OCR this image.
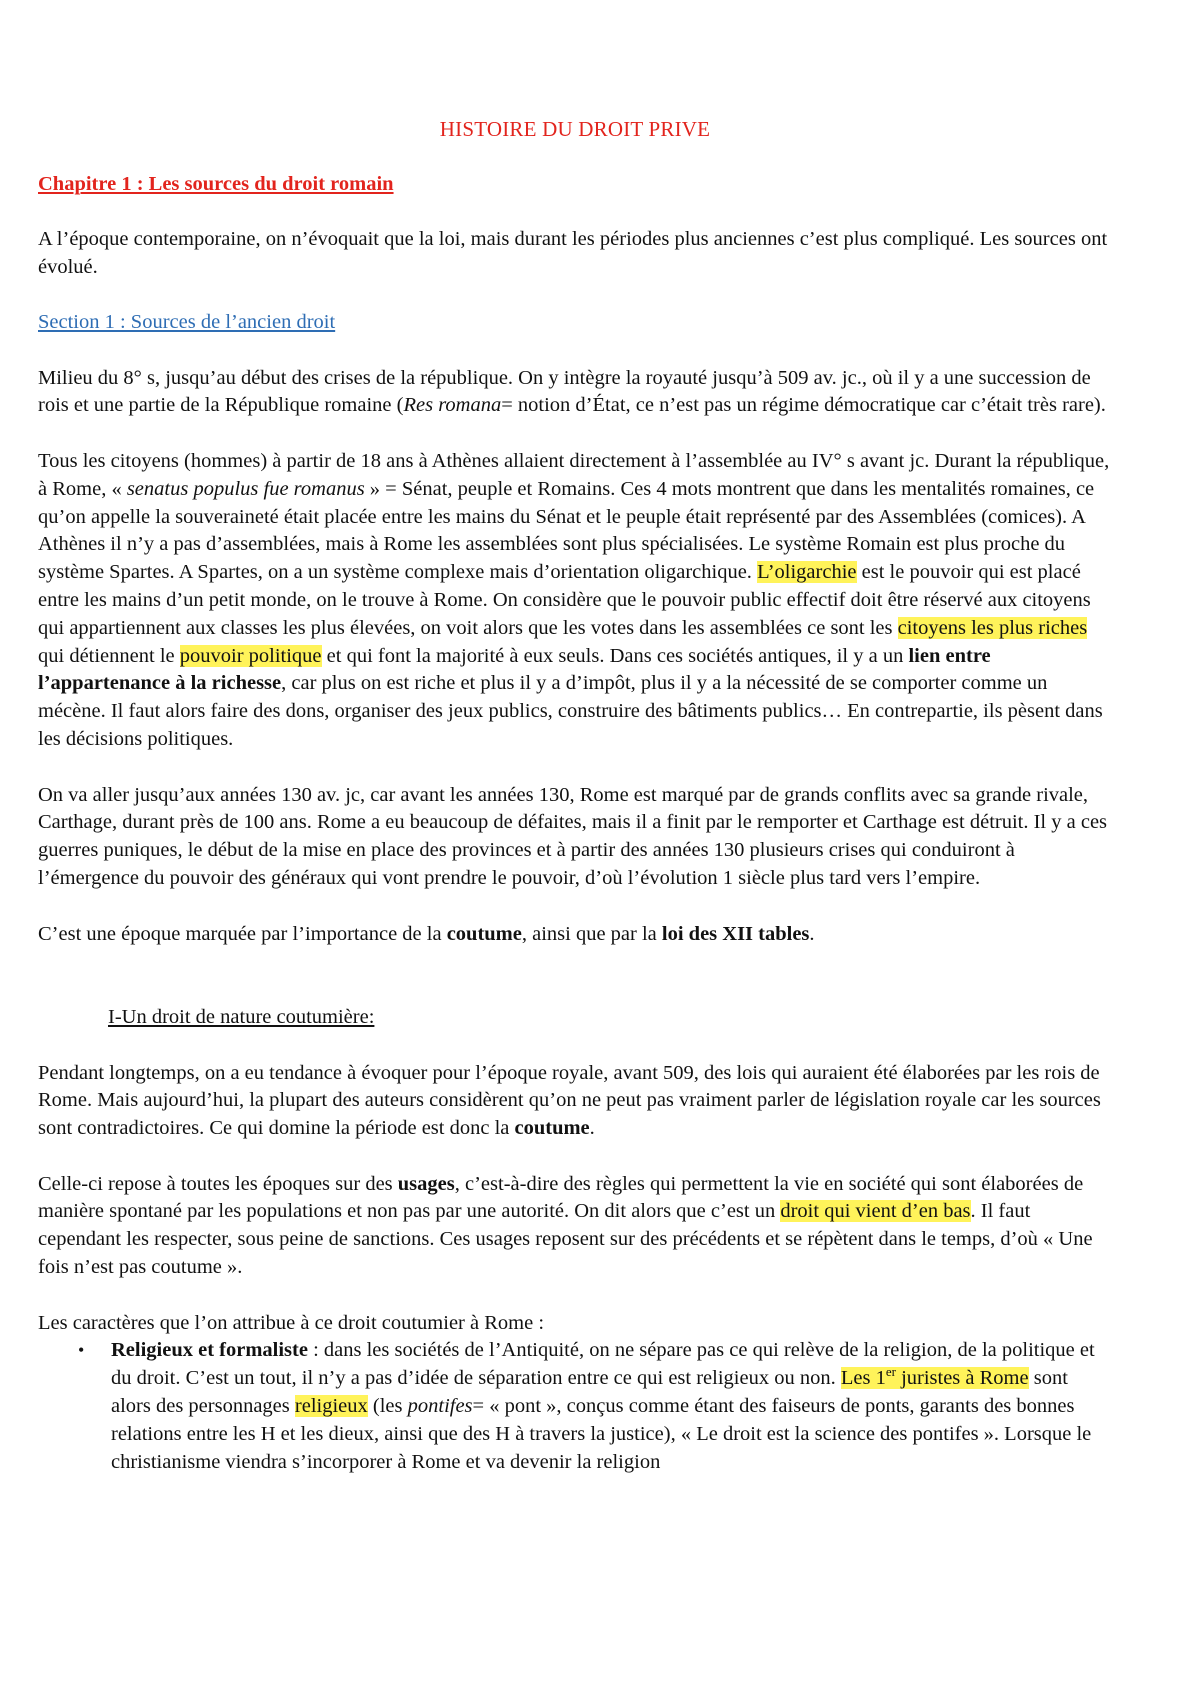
HISTOIRE DU DROIT PRIVE

Chapitre 1 : Les sources du droit romain

A l’époque contemporaine, on n’évoquait que la loi, mais durant les périodes plus anciennes c’est plus compliqué. Les sources ont évolué.

Section 1 : Sources de l’ancien droit

Milieu du 8° s, jusqu’au début des crises de la république. On y intègre la royauté jusqu’à 509 av. jc., où il y a une succession de rois et une partie de la République romaine (Res romana= notion d’État, ce n’est pas un régime démocratique car c’était très rare).

Tous les citoyens (hommes) à partir de 18 ans à Athènes allaient directement à l’assemblée au IV° s avant jc. Durant la république, à Rome, « senatus populus fue romanus » = Sénat, peuple et Romains. Ces 4 mots montrent que dans les mentalités romaines, ce qu’on appelle la souveraineté était placée entre les mains du Sénat et le peuple était représenté par des Assemblées (comices). A Athènes il n’y a pas d’assemblées, mais à Rome les assemblées sont plus spécialisées. Le système Romain est plus proche du système Spartes. A Spartes, on a un système complexe mais d’orientation oligarchique. L’oligarchie est le pouvoir qui est placé entre les mains d’un petit monde, on le trouve à Rome. On considère que le pouvoir public effectif doit être réservé aux citoyens qui appartiennent aux classes les plus élevées, on voit alors que les votes dans les assemblées ce sont les citoyens les plus riches qui détiennent le pouvoir politique et qui font la majorité à eux seuls. Dans ces sociétés antiques, il y a un lien entre l’appartenance à la richesse, car plus on est riche et plus il y a d’impôt, plus il y a la nécessité de se comporter comme un mécène. Il faut alors faire des dons, organiser des jeux publics, construire des bâtiments publics… En contrepartie, ils pèsent dans les décisions politiques.

On va aller jusqu’aux années 130 av. jc, car avant les années 130, Rome est marqué par de grands conflits avec sa grande rivale, Carthage, durant près de 100 ans. Rome a eu beaucoup de défaites, mais il a finit par le remporter et Carthage est détruit. Il y a ces guerres puniques, le début de la mise en place des provinces et à partir des années 130 plusieurs crises qui conduiront à l’émergence du pouvoir des généraux qui vont prendre le pouvoir, d’où l’évolution 1 siècle plus tard vers l’empire.

C’est une époque marquée par l’importance de la coutume, ainsi que par la loi des XII tables.

I-Un droit de nature coutumière:

Pendant longtemps, on a eu tendance à évoquer pour l’époque royale, avant 509, des lois qui auraient été élaborées par les rois de Rome. Mais aujourd’hui, la plupart des auteurs considèrent qu’on ne peut pas vraiment parler de législation royale car les sources sont contradictoires. Ce qui domine la période est donc la coutume.

Celle-ci repose à toutes les époques sur des usages, c’est-à-dire des règles qui permettent la vie en société qui sont élaborées de manière spontané par les populations et non pas par une autorité. On dit alors que c’est un droit qui vient d’en bas. Il faut cependant les respecter, sous peine de sanctions. Ces usages reposent sur des précédents et se répètent dans le temps, d’où « Une fois n’est pas coutume ».

Les caractères que l’on attribue à ce droit coutumier à Rome :

• Religieux et formaliste : dans les sociétés de l’Antiquité, on ne sépare pas ce qui relève de la religion, de la politique et du droit. C’est un tout, il n’y a pas d’idée de séparation entre ce qui est religieux ou non. Les 1er juristes à Rome sont alors des personnages religieux (les pontifes= « pont », conçus comme étant des faiseurs de ponts, garants des bonnes relations entre les H et les dieux, ainsi que des H à travers la justice), « Le droit est la science des pontifes ». Lorsque le christianisme viendra s’incorporer à Rome et va devenir la religion
